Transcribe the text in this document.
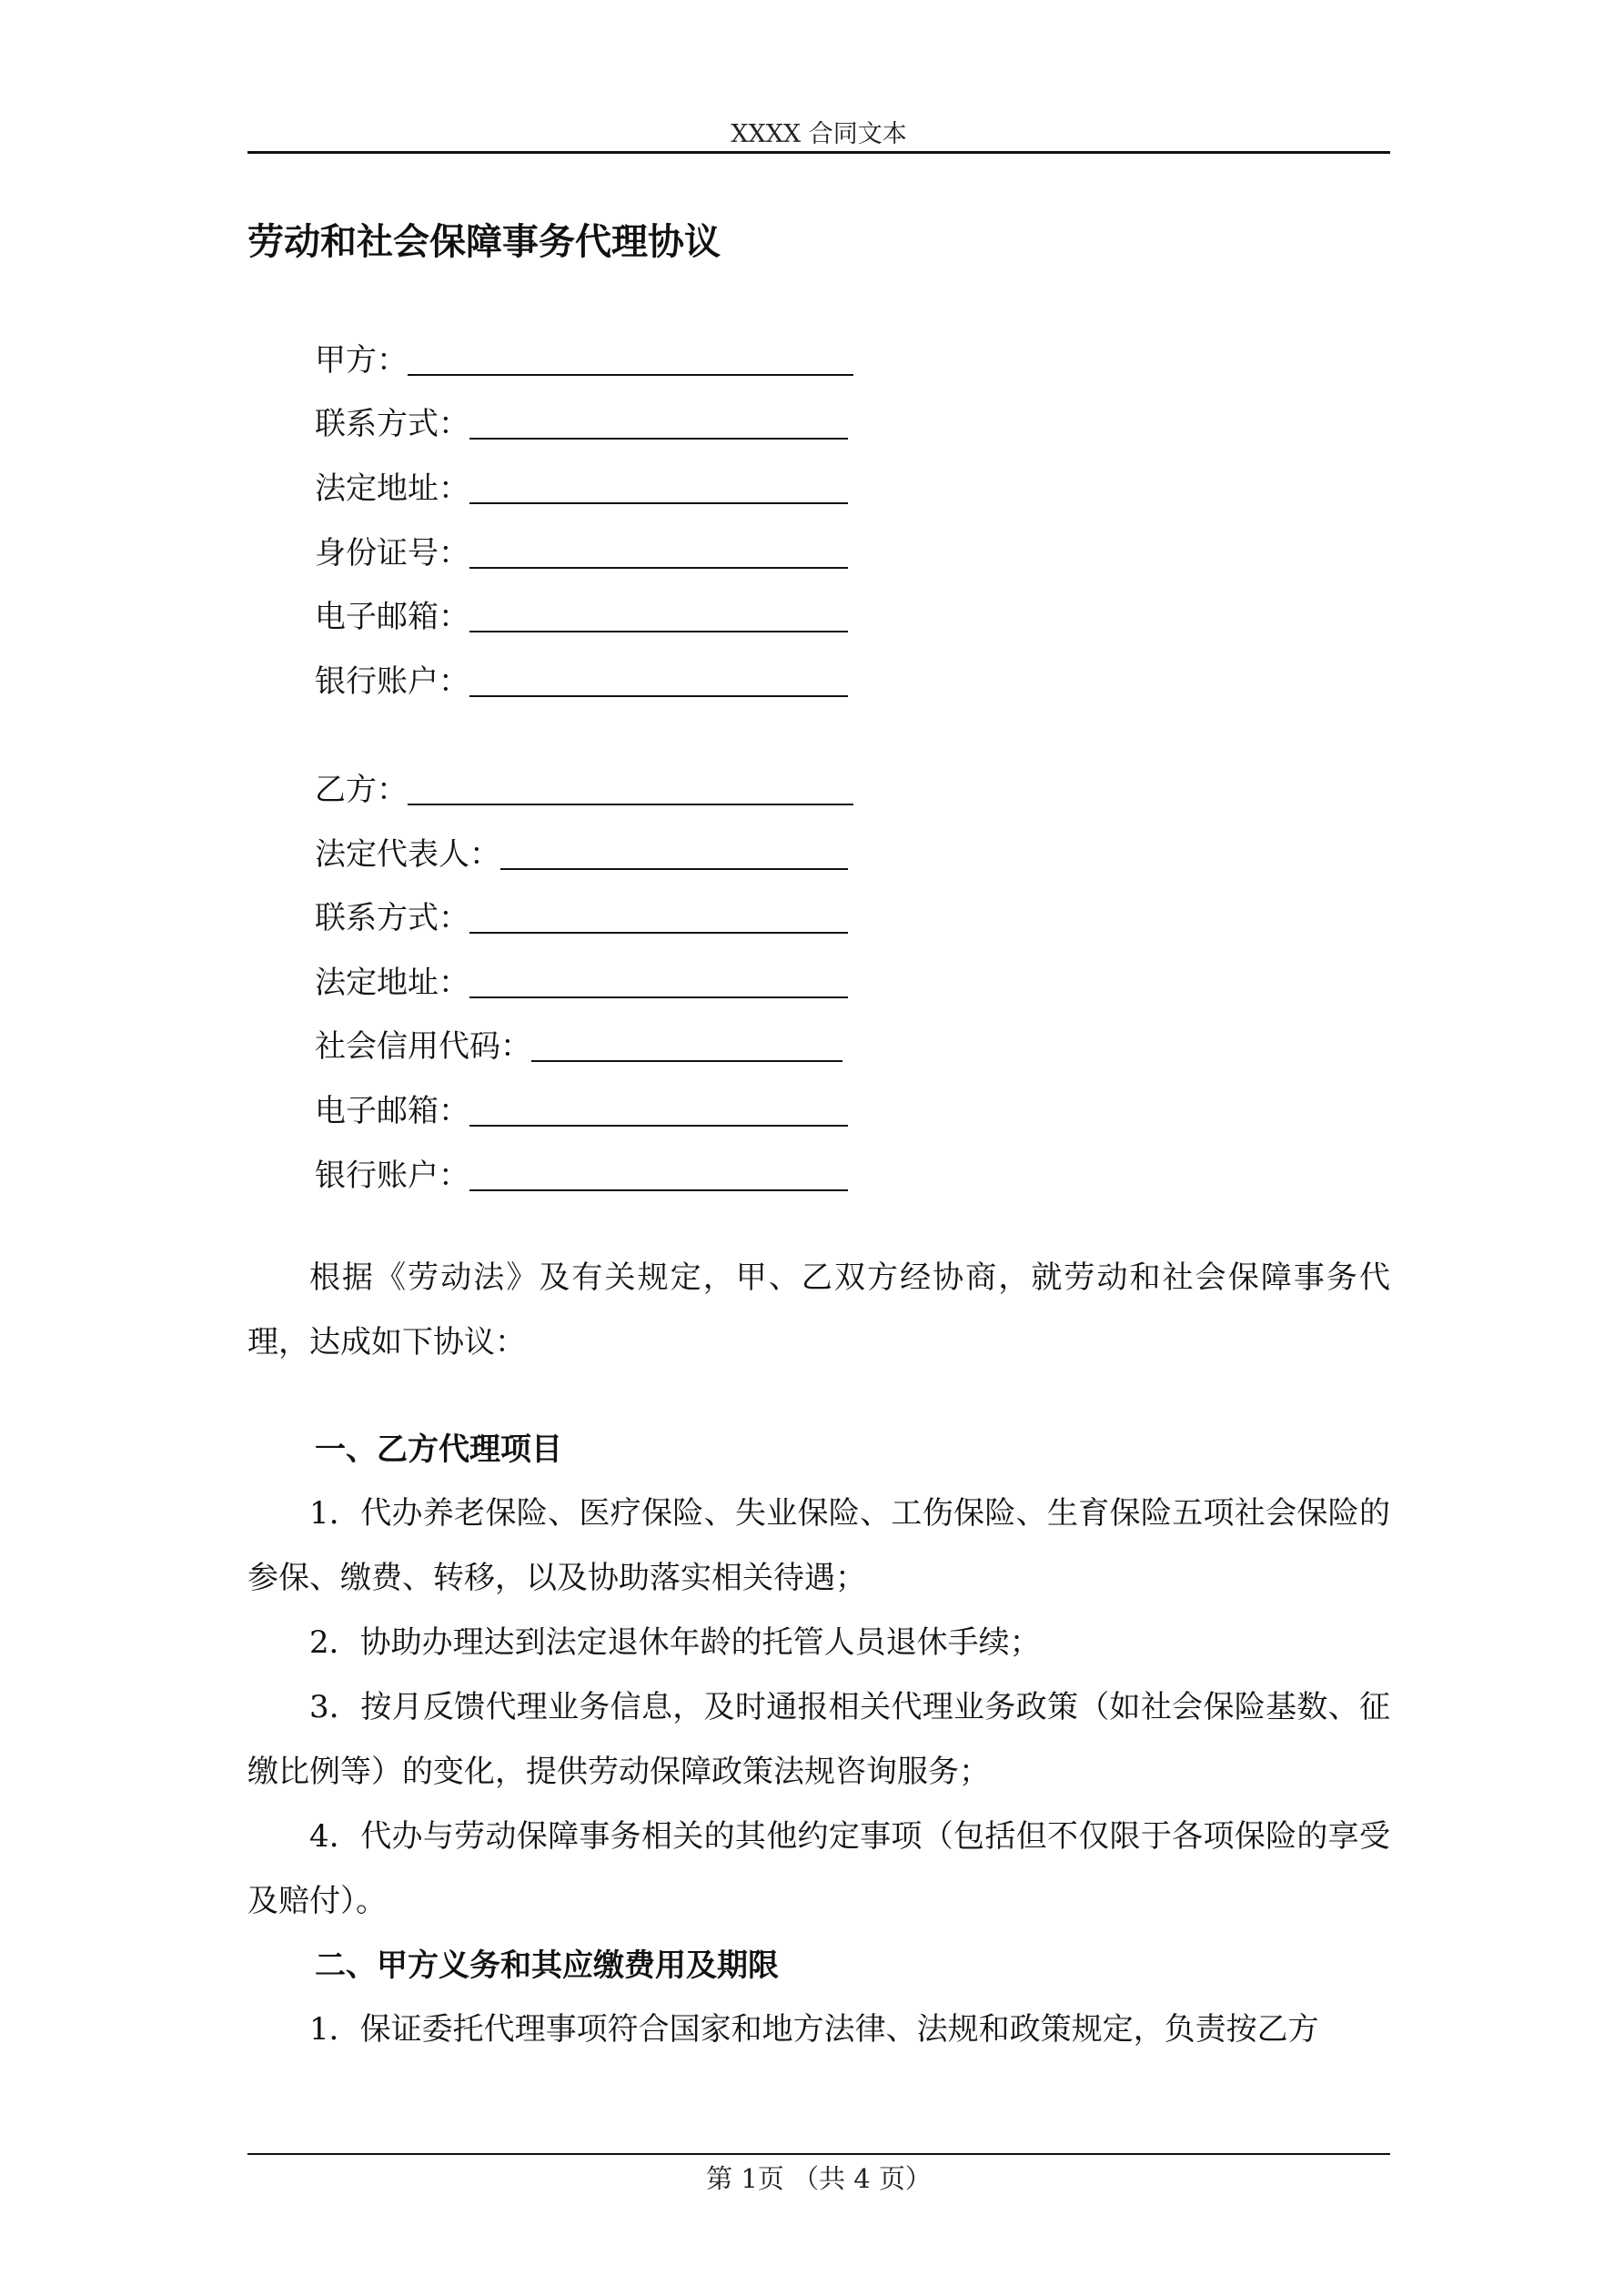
XXXX 合同文本
劳动和社会保障事务代理协议
甲方：
联系方式：
法定地址：
身份证号：
电子邮箱：
银行账户：
乙方：
法定代表人：
联系方式：
法定地址：
社会信用代码：
电子邮箱：
银行账户：

根据《劳动法》及有关规定，甲、乙双方经协商，就劳动和社会保障事务代理，达成如下协议：

一、乙方代理项目

1．代办养老保险、医疗保险、失业保险、工伤保险、生育保险五项社会保险的参保、缴费、转移，以及协助落实相关待遇；

2．协助办理达到法定退休年龄的托管人员退休手续；

3．按月反馈代理业务信息，及时通报相关代理业务政策（如社会保险基数、征缴比例等）的变化，提供劳动保障政策法规咨询服务；

4．代办与劳动保障事务相关的其他约定事项（包括但不仅限于各项保险的享受及赔付）。

二、甲方义务和其应缴费用及期限

1．保证委托代理事项符合国家和地方法律、法规和政策规定，负责按乙方

第 1页 （共 4 页）
